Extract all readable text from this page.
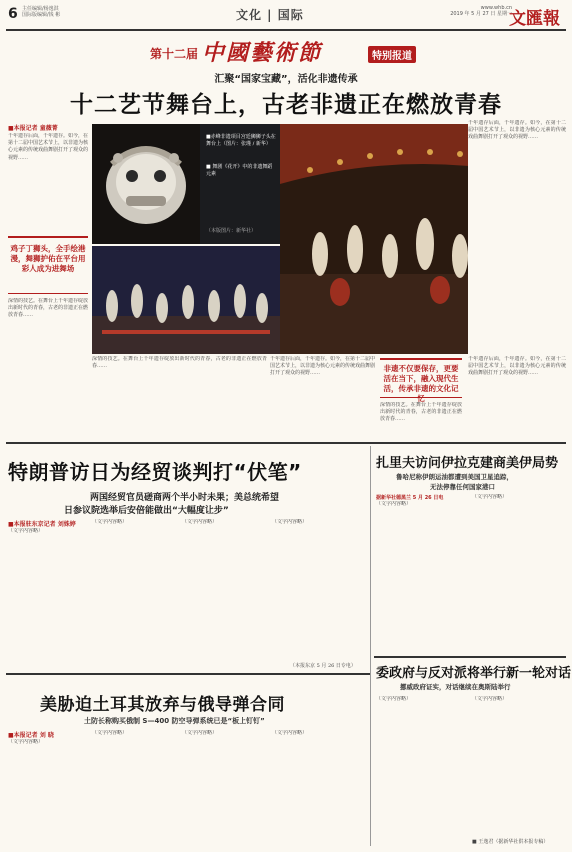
6 主任编辑/杨逸淇
国际版编辑/钱 彬	文化 | 国际	www.whb.cn
2019 年 5 月 27 日 星期一
文匯報
第十二届 中國藝術節	特别报道
汇聚“国家宝藏”，活化非遗传承
十二艺节舞台上，古老非遗正在燃放青春
■本报记者 童薇菁
千年遗存后面，千年遗存。如今，在第十二届中国艺术节上，以非遗为核心元素的传统戏曲舞剧打开了观众的视野……
鸡子丁狮头，全手绘港漫，舞狮护佑在平台用彩人成为进舞场
深情的技艺。在舞台上千年遗存绽放出新时代的青春，古老的非遗正在燃放青春……
■赤峰非遗项目宫廷狮狮子头在舞台上（图片：张瑾 / 新华）
■ 舞剧《花开》中的非遗舞蹈元素
（本版图片：新华社）
千年遗存后面，千年遗存。如今，在第十二届中国艺术节上，以非遗为核心元素的传统戏曲舞剧打开了观众的视野……
深情的技艺。在舞台上千年遗存绽放出新时代的青春，古老的非遗正在燃放青春……
千年遗存后面，千年遗存。如今，在第十二届中国艺术节上，以非遗为核心元素的传统戏曲舞剧打开了观众的视野……
非遗不仅要保存，更要活在当下，融入现代生活，传承非遗的文化记忆
深情的技艺。在舞台上千年遗存绽放出新时代的青春，古老的非遗正在燃放青春……
千年遗存后面，千年遗存。如今，在第十二届中国艺术节上，以非遗为核心元素的传统戏曲舞剧打开了观众的视野……
特朗普访日为经贸谈判打“伏笔”
两国经贸官员磋商两个半小时未果；美总统希望
日参议院选举后安倍能做出“大幅度让步”
■本报驻东京记者 刘姝婷
（文字内容略）
（文字内容略）	（文字内容略）	（文字内容略）
（本报东京 5 月 26 日专电）
美胁迫土耳其放弃与俄导弹合同
土防长称购买俄制 S—400 防空导弹系统已是“板上钉钉”
■本报记者 刘 晓
（文字内容略）
（文字内容略）	（文字内容略）	（文字内容略）
扎里夫访问伊拉克建商美伊局势
鲁哈尼称伊朗运油都遭到美国卫星追踪，
无法停靠任何国家港口
据新华社德黑兰 5 月 26 日电
（文字内容略）
（文字内容略）
委政府与反对派将举行新一轮对话
挪威政府证实，对话继续在奥斯陆举行
（文字内容略）	（文字内容略）
■ 王逸君（据新华社供本报专稿）
